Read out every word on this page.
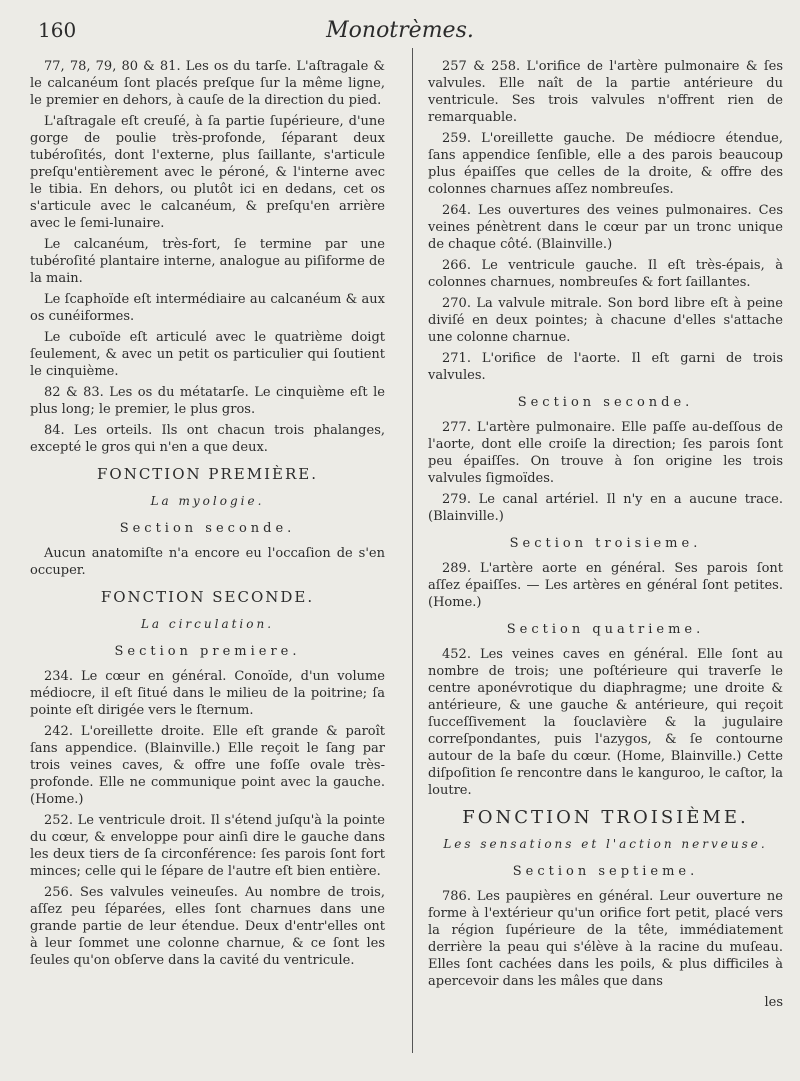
160	Monotrèmes.

77, 78, 79, 80 & 81. Les os du tarſe. L'aſtragale & le calcanéum ſont placés preſque ſur la même ligne, le premier en dehors, à cauſe de la direction du pied.

L'aſtragale eſt creuſé, à ſa partie ſupérieure, d'une gorge de poulie très-profonde, ſéparant deux tubéroſités, dont l'externe, plus ſaillante, s'articule preſqu'entièrement avec le péroné, & l'interne avec le tibia. En dehors, ou plutôt ici en dedans, cet os s'articule avec le calcanéum, & preſqu'en arrière avec le ſemi-lunaire.

Le calcanéum, très-fort, ſe termine par une tubéroſité plantaire interne, analogue au piſiforme de la main.

Le ſcaphoïde eſt intermédiaire au calcanéum & aux os cunéiformes.

Le cuboïde eſt articulé avec le quatrième doigt ſeulement, & avec un petit os particulier qui ſoutient le cinquième.

82 & 83. Les os du métatarſe. Le cinquième eſt le plus long; le premier, le plus gros.

84. Les orteils. Ils ont chacun trois phalanges, excepté le gros qui n'en a que deux.

FONCTION PREMIÈRE.

La myologie.

Section seconde.

Aucun anatomiſte n'a encore eu l'occaſion de s'en occuper.

FONCTION SECONDE.

La circulation.

Section premiere.

234. Le cœur en général. Conoïde, d'un volume médiocre, il eſt ſitué dans le milieu de la poitrine; ſa pointe eſt dirigée vers le ſternum.

242. L'oreillette droite. Elle eſt grande & paroît ſans appendice. (Blainville.) Elle reçoit le ſang par trois veines caves, & offre une foſſe ovale très-profonde. Elle ne communique point avec la gauche. (Home.)

252. Le ventricule droit. Il s'étend juſqu'à la pointe du cœur, & enveloppe pour ainſi dire le gauche dans les deux tiers de ſa circonférence: ſes parois ſont fort minces; celle qui le ſépare de l'autre eſt bien entière.

256. Ses valvules veineuſes. Au nombre de trois, aſſez peu ſéparées, elles ſont charnues dans une grande partie de leur étendue. Deux d'entr'elles ont à leur ſommet une colonne charnue, & ce ſont les ſeules qu'on obſerve dans la cavité du ventricule.

257 & 258. L'orifice de l'artère pulmonaire & ſes valvules. Elle naît de la partie antérieure du ventricule. Ses trois valvules n'offrent rien de remarquable.

259. L'oreillette gauche. De médiocre étendue, ſans appendice ſenſible, elle a des parois beaucoup plus épaiſſes que celles de la droite, & offre des colonnes charnues aſſez nombreuſes.

264. Les ouvertures des veines pulmonaires. Ces veines pénètrent dans le cœur par un tronc unique de chaque côté. (Blainville.)

266. Le ventricule gauche. Il eſt très-épais, à colonnes charnues, nombreuſes & fort ſaillantes.

270. La valvule mitrale. Son bord libre eſt à peine diviſé en deux pointes; à chacune d'elles s'attache une colonne charnue.

271. L'orifice de l'aorte. Il eſt garni de trois valvules.

Section seconde.

277. L'artère pulmonaire. Elle paſſe au-deſſous de l'aorte, dont elle croiſe la direction; ſes parois ſont peu épaiſſes. On trouve à ſon origine les trois valvules ſigmoïdes.

279. Le canal artériel. Il n'y en a aucune trace. (Blainville.)

Section troisieme.

289. L'artère aorte en général. Ses parois ſont aſſez épaiſſes. — Les artères en général ſont petites. (Home.)

Section quatrieme.

452. Les veines caves en général. Elle ſont au nombre de trois; une poſtérieure qui traverſe le centre aponévrotique du diaphragme; une droite & antérieure, & une gauche & antérieure, qui reçoit ſucceſſivement la ſouclavière & la jugulaire correſpondantes, puis l'azygos, & ſe contourne autour de la baſe du cœur. (Home, Blainville.) Cette diſpoſition ſe rencontre dans le kanguroo, le caſtor, la loutre.

FONCTION TROISIÈME.

Les sensations et l'action nerveuse.

Section septieme.

786. Les paupières en général. Leur ouverture ne forme à l'extérieur qu'un orifice fort petit, placé vers la région ſupérieure de la tête, immédiatement derrière la peau qui s'élève à la racine du muſeau. Elles ſont cachées dans les poils, & plus difficiles à apercevoir dans les mâles que dans

les
